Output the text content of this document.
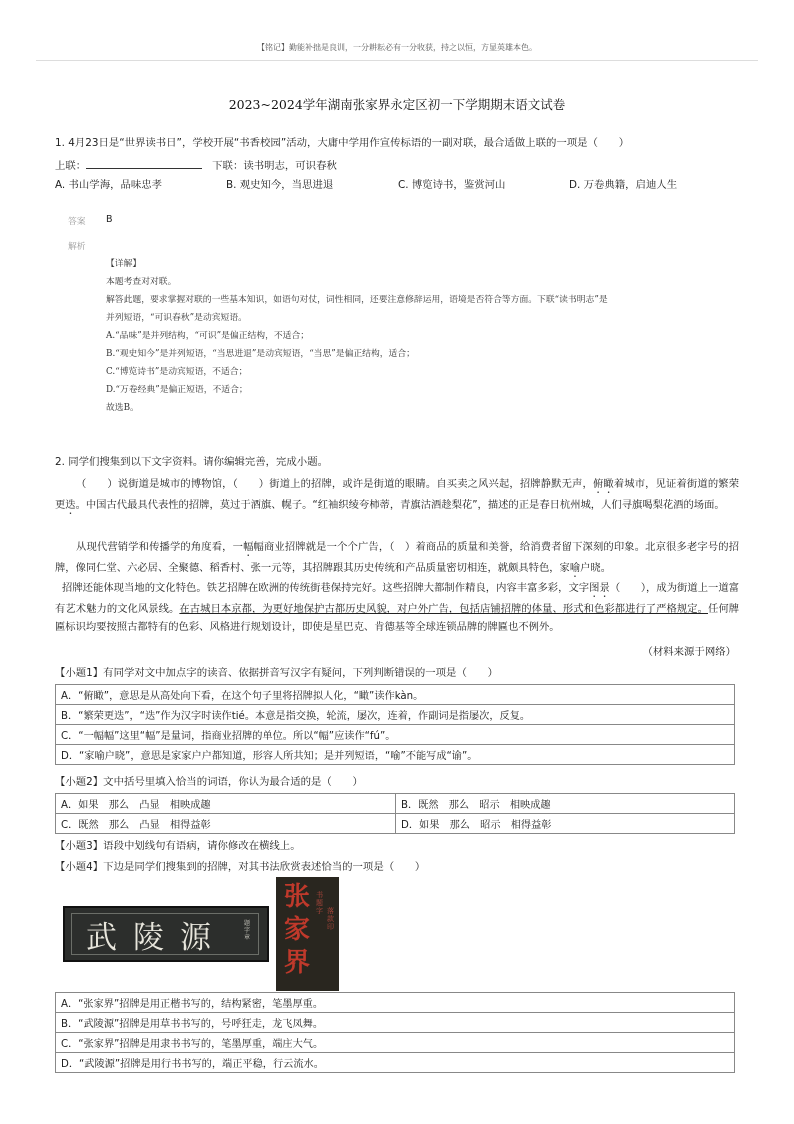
【铭记】勤能补拙是良训，一分耕耘必有一分收获，持之以恒，方显英雄本色。
2023~2024学年湖南张家界永定区初一下学期期末语文试卷
1. 4月23日是“世界读书日”，学校开展“书香校园”活动，大庸中学用作宣传标语的一副对联，最合适做上联的一项是（　　）
上联：	下联：读书明志，可识春秋
A. 书山学海，品味忠孝	B. 观史知今，当思进退	C. 博览诗书，鉴赏河山	D. 万卷典籍，启迪人生
答案 B
解析
【详解】
本题考查对对联。
解答此题，要求掌握对联的一些基本知识，如语句对仗，词性相同，还要注意修辞运用，语境是否符合等方面。下联“读书明志”是
并列短语，“可识春秋”是动宾短语。
A.“品味”是并列结构，“可识”是偏正结构，不适合；
B.“观史知今”是并列短语，“当思进退”是动宾短语，“当思”是偏正结构，适合；
C.“博览诗书”是动宾短语，不适合；
D.“万卷经典”是偏正短语，不适合；
故选B。
2. 同学们搜集到以下文字资料。请你编辑完善，完成小题。
（　　）说街道是城市的博物馆，（　　）街道上的招牌，或许是街道的眼睛。自买卖之风兴起，招牌静默无声，俯瞰着城市，见证着街道的繁荣更迭。中国古代最具代表性的招牌，莫过于酒旗、幌子。“红袖织绫夸柿蒂，青旗沽酒趁梨花”，描述的正是春日杭州城，人们寻旗喝梨花酒的场面。
从现代营销学和传播学的角度看，一幅幅商业招牌就是一个个广告，（　）着商品的质量和美誉，给消费者留下深刻的印象。北京很多老字号的招牌，像同仁堂、六必居、全聚德、稻香村、张一元等，其招牌跟其历史传统和产品质量密切相连，就颇具特色，家喻户晓。
招牌还能体现当地的文化特色。铁艺招牌在欧洲的传统街巷保持完好。这些招牌大都制作精良，内容丰富多彩，文字图景（　　），成为街道上一道富有艺术魅力的文化风景线。在古城日本京都，为更好地保护古都历史风貌，对户外广告，包括店铺招牌的体量、形式和色彩都进行了严格规定。任何牌匾标识均要按照古都特有的色彩、风格进行规划设计，即使是星巴克、肯德基等全球连锁品牌的牌匾也不例外。
（材料来源于网络）
【小题1】有同学对文中加点字的读音、依据拼音写汉字有疑问，下列判断错误的一项是（　　）
A．“俯瞰”，意思是从高处向下看，在这个句子里将招牌拟人化，“瞰”读作kàn。
B．“繁荣更迭”，“迭”作为汉字时读作tié。本意是指交换，轮流，屡次，连着，作副词是指屡次，反复。
C．“一幅幅”这里“幅”是量词，指商业招牌的单位。所以“幅”应读作“fú”。
D．“家喻户晓”，意思是家家户户都知道，形容人所共知；是并列短语，“喻”不能写成“谕”。
【小题2】文中括号里填入恰当的词语，你认为最合适的是（　　）
A．如果　那么　凸显　相映成趣	B．既然　那么　昭示　相映成趣
C．既然　那么　凸显　相得益彰	D．如果　那么　昭示　相得益彰
【小题3】语段中划线句有语病，请你修改在横线上。
【小题4】下边是同学们搜集到的招牌，对其书法欣赏表述恰当的一项是（　　）
武陵源	题字章
张家界
书题字 落款印
A．“张家界”招牌是用正楷书写的，结构紧密，笔墨厚重。
B．“武陵源”招牌是用草书书写的，号呼狂走，龙飞凤舞。
C．“张家界”招牌是用隶书书写的，笔墨厚重，端庄大气。
D．“武陵源”招牌是用行书书写的，端正平稳，行云流水。
